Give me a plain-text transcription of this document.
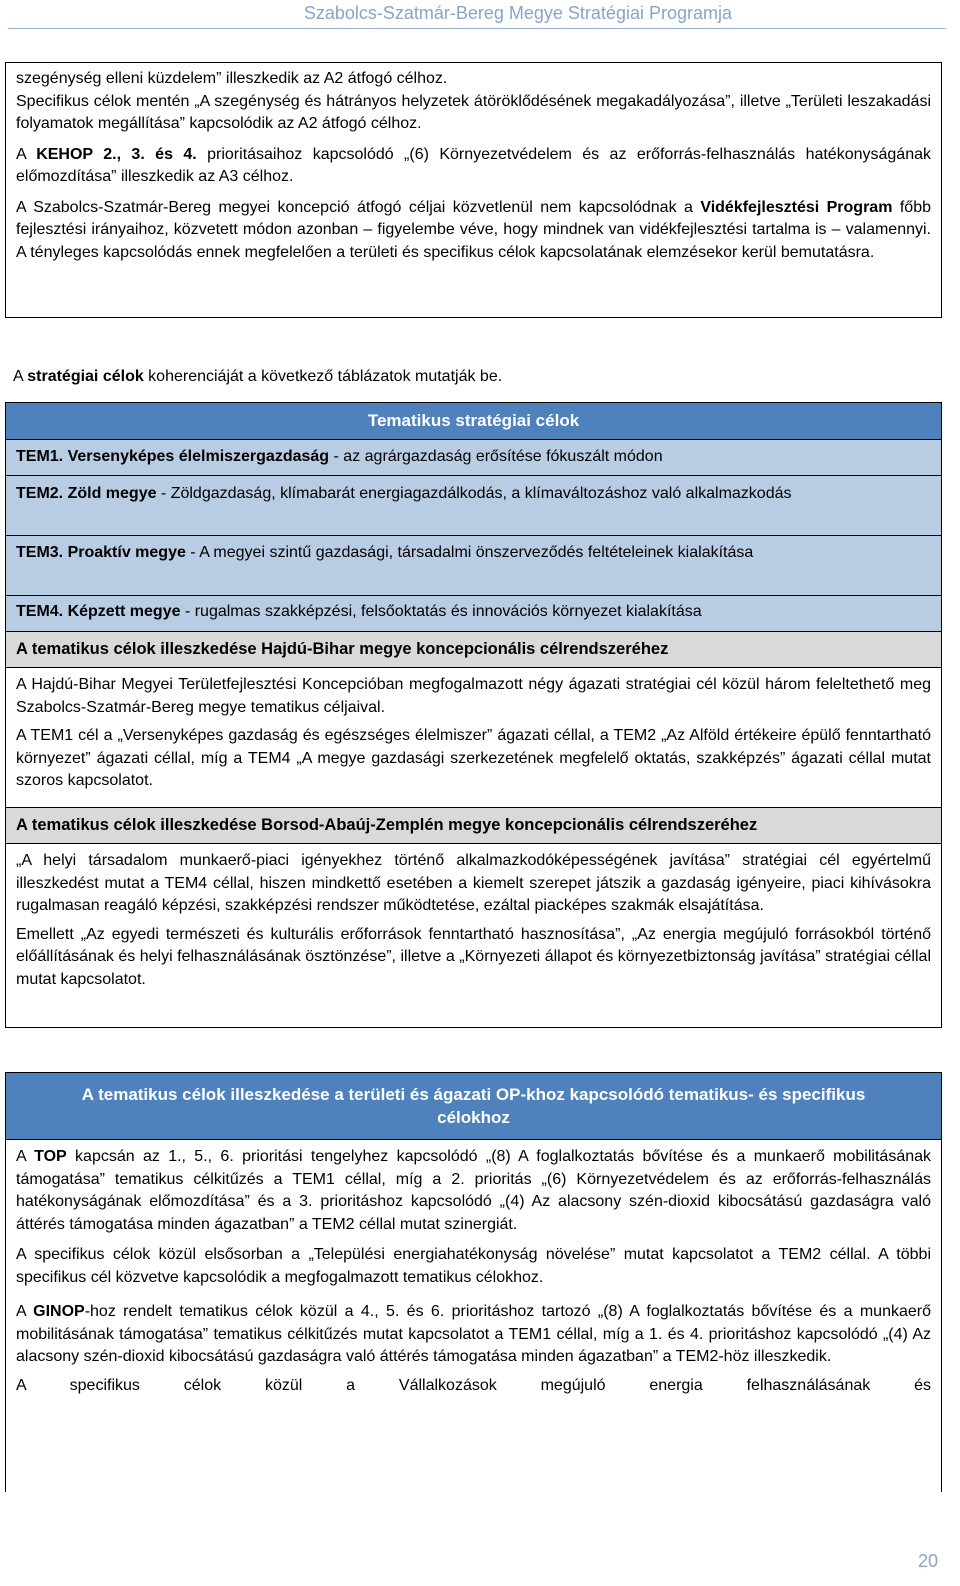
Szabolcs-Szatmár-Bereg Megye Stratégiai Programja

szegénység elleni küzdelem” illeszkedik az A2 átfogó célhoz.

Specifikus célok mentén „A szegénység és hátrányos helyzetek átöröklődésének megakadályozása”, illetve „Területi leszakadási folyamatok megállítása” kapcsolódik az A2 átfogó célhoz.

A KEHOP 2., 3. és 4. prioritásaihoz kapcsolódó „(6) Környezetvédelem és az erőforrás-felhasználás hatékonyságának előmozdítása” illeszkedik az A3 célhoz.

A Szabolcs-Szatmár-Bereg megyei koncepció átfogó céljai közvetlenül nem kapcsolódnak a Vidékfejlesztési Program főbb fejlesztési irányaihoz, közvetett módon azonban – figyelembe véve, hogy mindnek van vidékfejlesztési tartalma is – valamennyi. A tényleges kapcsolódás ennek megfelelően a területi és specifikus célok kapcsolatának elemzésekor kerül bemutatásra.

A stratégiai célok koherenciáját a következő táblázatok mutatják be.

Tematikus stratégiai célok
TEM1. Versenyképes élelmiszergazdaság - az agrárgazdaság erősítése fókuszált módon
TEM2. Zöld megye - Zöldgazdaság, klímabarát energiagazdálkodás, a klímaváltozáshoz való alkalmazkodás
TEM3. Proaktív megye - A megyei szintű gazdasági, társadalmi önszerveződés feltételeinek kialakítása
TEM4. Képzett megye - rugalmas szakképzési, felsőoktatás és innovációs környezet kialakítása
A tematikus célok illeszkedése Hajdú-Bihar megye koncepcionális célrendszeréhez

A Hajdú-Bihar Megyei Területfejlesztési Koncepcióban megfogalmazott négy ágazati stratégiai cél közül három feleltethető meg Szabolcs-Szatmár-Bereg megye tematikus céljaival.

A TEM1 cél a „Versenyképes gazdaság és egészséges élelmiszer” ágazati céllal, a TEM2 „Az Alföld értékeire épülő fenntartható környezet” ágazati céllal, míg a TEM4 „A megye gazdasági szerkezetének megfelelő oktatás, szakképzés” ágazati céllal mutat szoros kapcsolatot.

A tematikus célok illeszkedése Borsod-Abaúj-Zemplén megye koncepcionális célrendszeréhez

„A helyi társadalom munkaerő-piaci igényekhez történő alkalmazkodóképességének javítása” stratégiai cél egyértelmű illeszkedést mutat a TEM4 céllal, hiszen mindkettő esetében a kiemelt szerepet játszik a gazdaság igényeire, piaci kihívásokra rugalmasan reagáló képzési, szakképzési rendszer működtetése, ezáltal piacképes szakmák elsajátítása.

Emellett „Az egyedi természeti és kulturális erőforrások fenntartható hasznosítása”, „Az energia megújuló forrásokból történő előállításának és helyi felhasználásának ösztönzése”, illetve a „Környezeti állapot és környezetbiztonság javítása” stratégiai céllal mutat kapcsolatot.

A tematikus célok illeszkedése a területi és ágazati OP-khoz kapcsolódó tematikus- és specifikus célokhoz

A TOP kapcsán az 1., 5., 6. prioritási tengelyhez kapcsolódó „(8) A foglalkoztatás bővítése és a munkaerő mobilitásának támogatása” tematikus célkitűzés a TEM1 céllal, míg a 2. prioritás „(6) Környezetvédelem és az erőforrás-felhasználás hatékonyságának előmozdítása” és a 3. prioritáshoz kapcsolódó „(4) Az alacsony szén-dioxid kibocsátású gazdaságra való áttérés támogatása minden ágazatban” a TEM2 céllal mutat szinergiát.

A specifikus célok közül elsősorban a „Települési energiahatékonyság növelése” mutat kapcsolatot a TEM2 céllal. A többi specifikus cél közvetve kapcsolódik a megfogalmazott tematikus célokhoz.

A GINOP-hoz rendelt tematikus célok közül a 4., 5. és 6. prioritáshoz tartozó „(8) A foglalkoztatás bővítése és a munkaerő mobilitásának támogatása” tematikus célkitűzés mutat kapcsolatot a TEM1 céllal, míg a 1. és 4. prioritáshoz kapcsolódó „(4) Az alacsony szén-dioxid kibocsátású gazdaságra való áttérés támogatása minden ágazatban” a TEM2-höz illeszkedik.

A specifikus célok közül a Vállalkozások megújuló energia felhasználásának és

20
